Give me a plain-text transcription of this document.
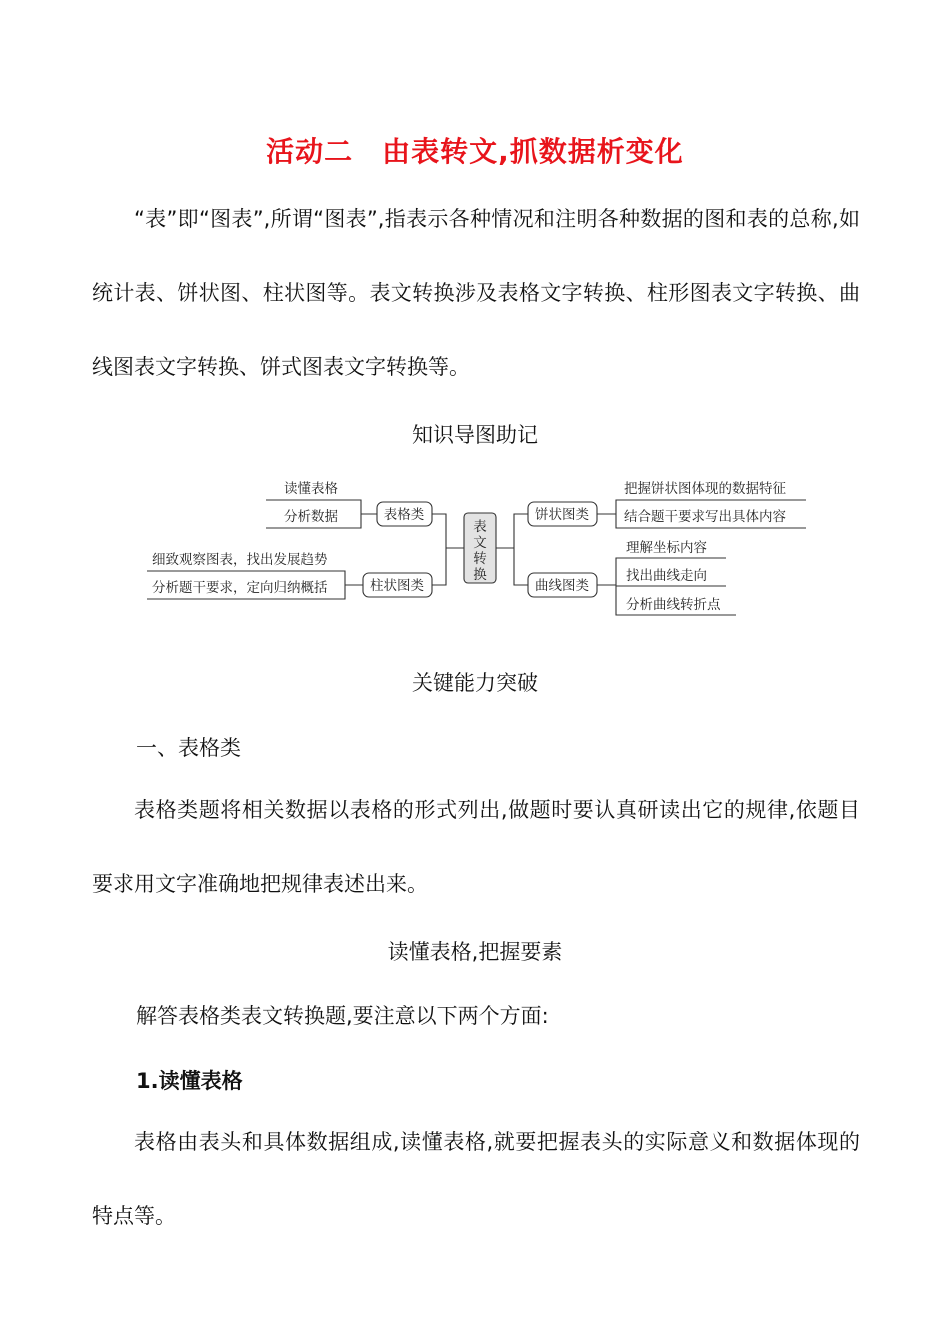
活动二　由表转文,抓数据析变化
“表”即“图表”,所谓“图表”,指表示各种情况和注明各种数据的图和表的总称,如统计表、饼状图、柱状图等。表文转换涉及表格文字转换、柱形图表文字转换、曲线图表文字转换、饼式图表文字转换等。
知识导图助记
表
文
转
换
表格类
读懂表格
分析数据
柱状图类
细致观察图表，找出发展趋势
分析题干要求，定向归纳概括
饼状图类
把握饼状图体现的数据特征
结合题干要求写出具体内容
曲线图类
理解坐标内容
找出曲线走向
分析曲线转折点
关键能力突破
一、表格类
表格类题将相关数据以表格的形式列出,做题时要认真研读出它的规律,依题目要求用文字准确地把规律表述出来。
读懂表格,把握要素
解答表格类表文转换题,要注意以下两个方面:
1.读懂表格
表格由表头和具体数据组成,读懂表格,就要把握表头的实际意义和数据体现的特点等。
